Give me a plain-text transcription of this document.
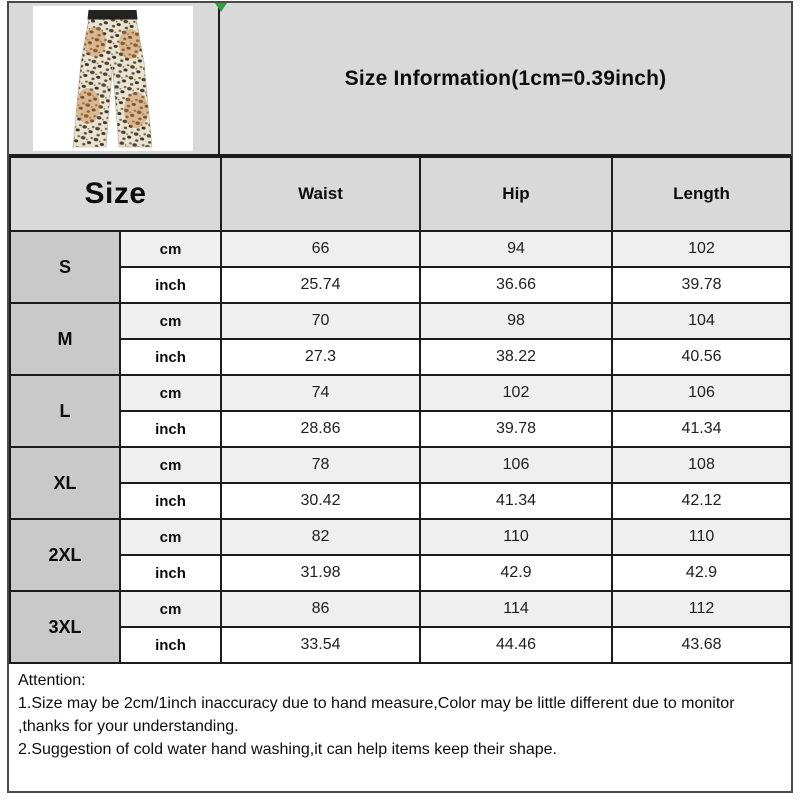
Size Information(1cm=0.39inch)
Size		Waist	Hip	Length
S	cm	66	94	102
	inch	25.74	36.66	39.78
M	cm	70	98	104
	inch	27.3	38.22	40.56
L	cm	74	102	106
	inch	28.86	39.78	41.34
XL	cm	78	106	108
	inch	30.42	41.34	42.12
2XL	cm	82	110	110
	inch	31.98	42.9	42.9
3XL	cm	86	114	112
	inch	33.54	44.46	43.68

Attention:

1.Size may be 2cm/1inch inaccuracy due to hand measure,Color may be little different due to monitor ,thanks for your understanding.

2.Suggestion of cold water hand washing,it can help items keep their shape.
